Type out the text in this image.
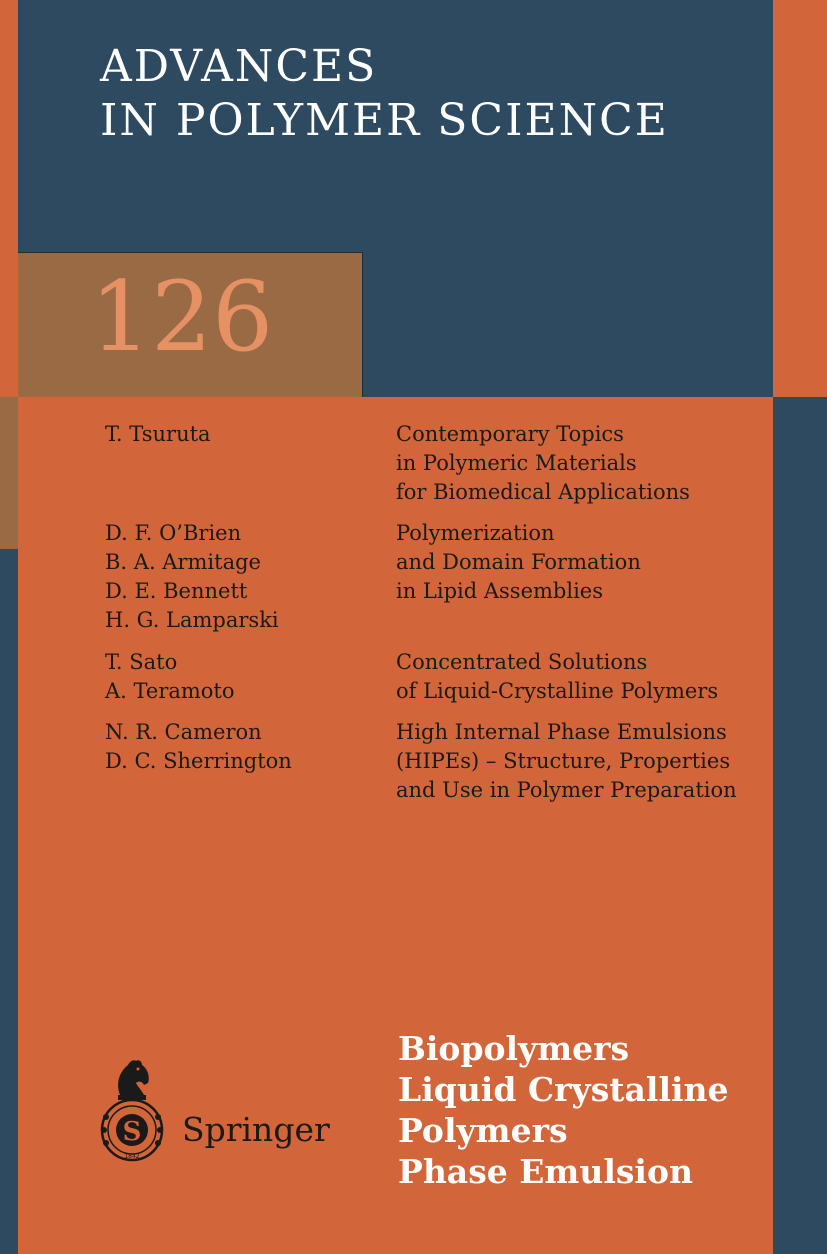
ADVANCES
IN POLYMER SCIENCE
126
T. Tsuruta	Contemporary Topics
in Polymeric Materials
for Biomedical Applications
D. F. O’Brien
B. A. Armitage
D. E. Bennett
H. G. Lamparski
Polymerization
and Domain Formation
in Lipid Assemblies
T. Sato
A. Teramoto
Concentrated Solutions
of Liquid-Crystalline Polymers
N. R. Cameron
D. C. Sherrington
High Internal Phase Emulsions
(HIPEs) – Structure, Properties
and Use in Polymer Preparation
Biopolymers
Liquid Crystalline
Polymers
Phase Emulsion
S
1842
Springer
